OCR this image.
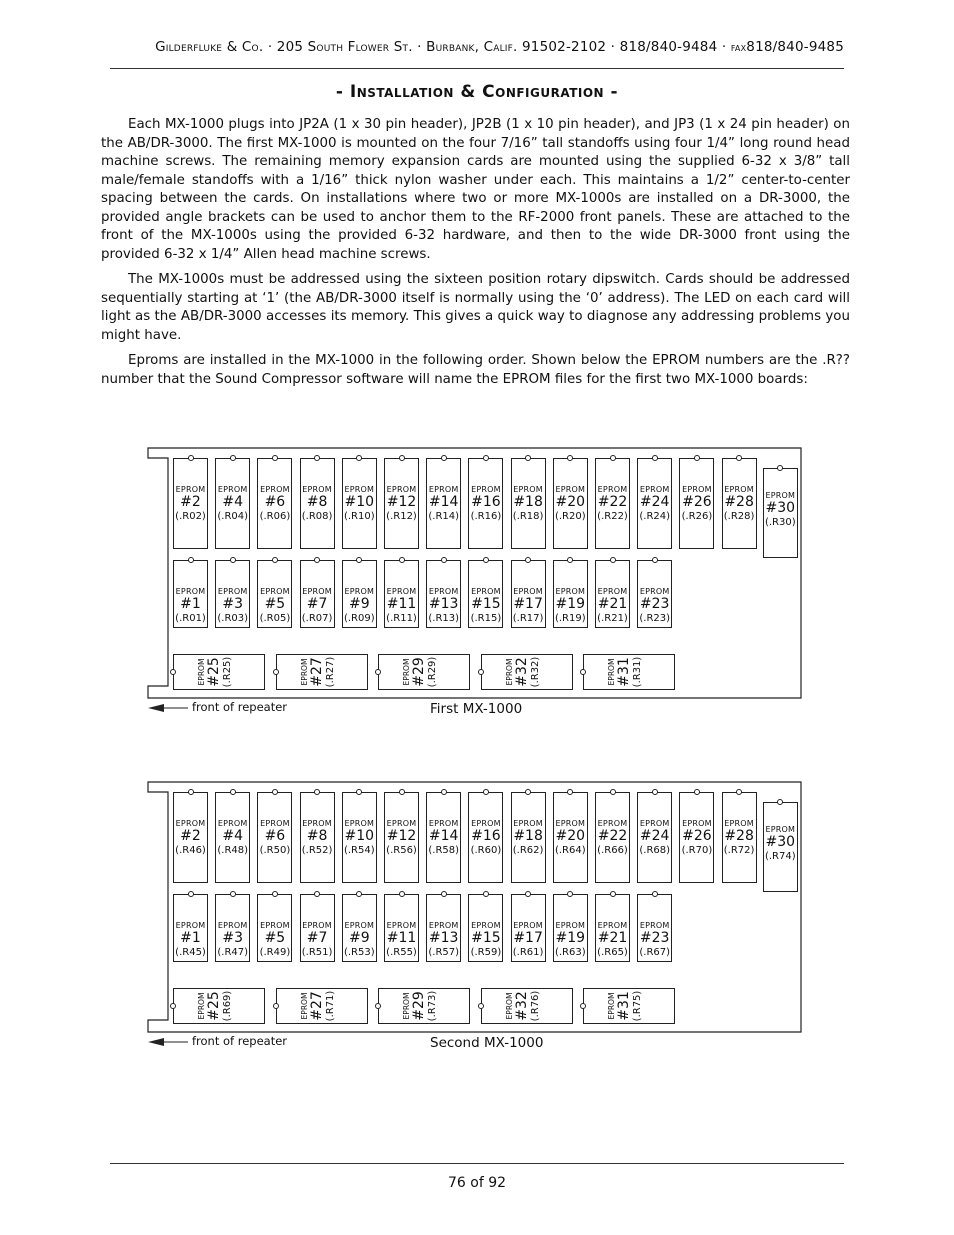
Gilderfluke & Co. · 205 South Flower St. · Burbank, Calif. 91502-2102 · 818/840-9484 · fax818/840-9485
- Installation & Configuration -

Each MX-1000 plugs into JP2A (1 x 30 pin header), JP2B (1 x 10 pin header), and JP3 (1 x 24 pin header) on the AB/DR-3000. The first MX-1000 is mounted on the four 7/16” tall standoffs using four 1/4” long round head machine screws. The remaining memory expansion cards are mounted using the supplied 6-32 x 3/8” tall male/female standoffs with a 1/16” thick nylon washer under each. This maintains a 1/2” center-to-center spacing between the cards. On installations where two or more MX-1000s are installed on a DR-3000, the provided angle brackets can be used to anchor them to the RF-2000 front panels. These are attached to the front of the MX-1000s using the provided 6-32 hardware, and then to the wide DR-3000 front using the provided 6-32 x 1/4” Allen head machine screws.

The MX-1000s must be addressed using the sixteen position rotary dipswitch. Cards should be addressed sequentially starting at ‘1’ (the AB/DR-3000 itself is normally using the ‘0’ address). The LED on each card will light as the AB/DR-3000 accesses its memory. This gives a quick way to diagnose any addressing problems you might have.

Eproms are installed in the MX-1000 in the following order. Shown below the EPROM numbers are the .R?? number that the Sound Compressor software will name the EPROM files for the first two MX-1000 boards:

EPROM
#2
(.R02)
EPROM
#4
(.R04)
EPROM
#6
(.R06)
EPROM
#8
(.R08)
EPROM
#10
(.R10)
EPROM
#12
(.R12)
EPROM
#14
(.R14)
EPROM
#16
(.R16)
EPROM
#18
(.R18)
EPROM
#20
(.R20)
EPROM
#22
(.R22)
EPROM
#24
(.R24)
EPROM
#26
(.R26)
EPROM
#28
(.R28)
EPROM
#30
(.R30)
EPROM
#1
(.R01)
EPROM
#3
(.R03)
EPROM
#5
(.R05)
EPROM
#7
(.R07)
EPROM
#9
(.R09)
EPROM
#11
(.R11)
EPROM
#13
(.R13)
EPROM
#15
(.R15)
EPROM
#17
(.R17)
EPROM
#19
(.R19)
EPROM
#21
(.R21)
EPROM
#23
(.R23)
EPROM #25 (.R25)	EPROM #27 (.R27)	EPROM #29 (.R29)	EPROM #32 (.R32)	EPROM #31 (.R31)
front of repeater	First MX-1000
EPROM
#2
(.R46)
EPROM
#4
(.R48)
EPROM
#6
(.R50)
EPROM
#8
(.R52)
EPROM
#10
(.R54)
EPROM
#12
(.R56)
EPROM
#14
(.R58)
EPROM
#16
(.R60)
EPROM
#18
(.R62)
EPROM
#20
(.R64)
EPROM
#22
(.R66)
EPROM
#24
(.R68)
EPROM
#26
(.R70)
EPROM
#28
(.R72)
EPROM
#30
(.R74)
EPROM
#1
(.R45)
EPROM
#3
(.R47)
EPROM
#5
(.R49)
EPROM
#7
(.R51)
EPROM
#9
(.R53)
EPROM
#11
(.R55)
EPROM
#13
(.R57)
EPROM
#15
(.R59)
EPROM
#17
(.R61)
EPROM
#19
(.R63)
EPROM
#21
(.R65)
EPROM
#23
(.R67)
EPROM #25 (.R69)	EPROM #27 (.R71)	EPROM #29 (.R73)	EPROM #32 (.R76)	EPROM #31 (.R75)
front of repeater	Second MX-1000
76 of 92
